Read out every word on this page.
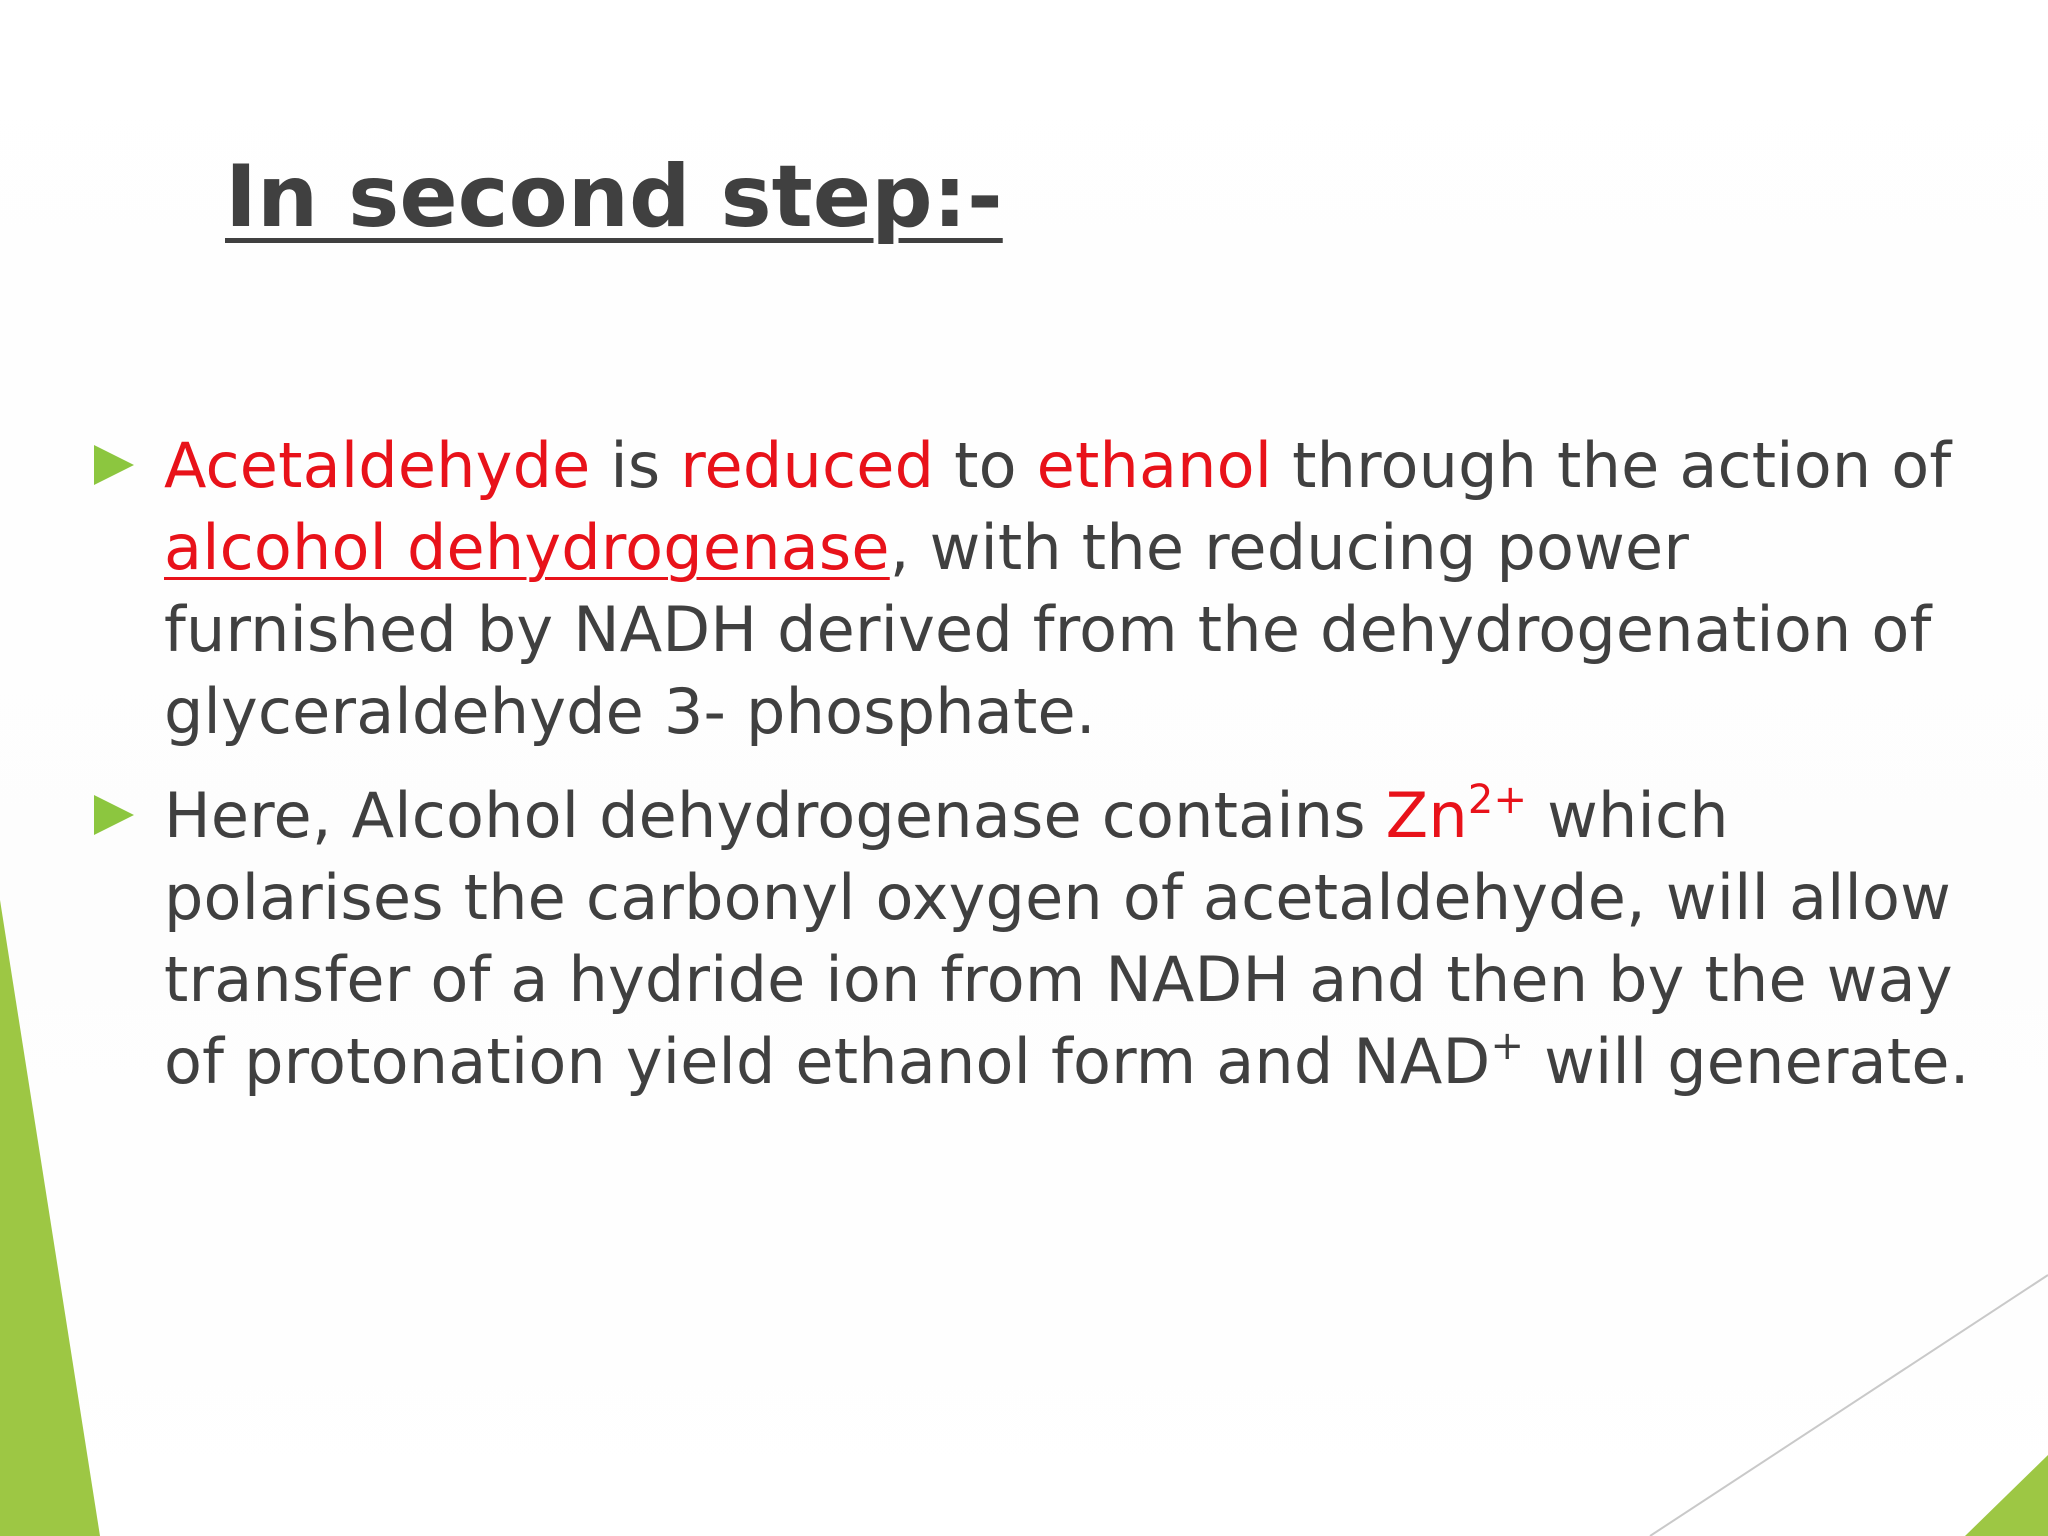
In second step:-

Acetaldehyde is reduced to ethanol through the action of alcohol dehydrogenase, with the reducing power furnished by NADH derived from the dehydrogenation of glyceraldehyde 3- phosphate.

Here, Alcohol dehydrogenase contains $Zn^{2+}$ which polarises the carbonyl oxygen of acetaldehyde, will allow transfer of a hydride ion from NADH and then by the way of protonation yield ethanol form and NAD+ will generate.
